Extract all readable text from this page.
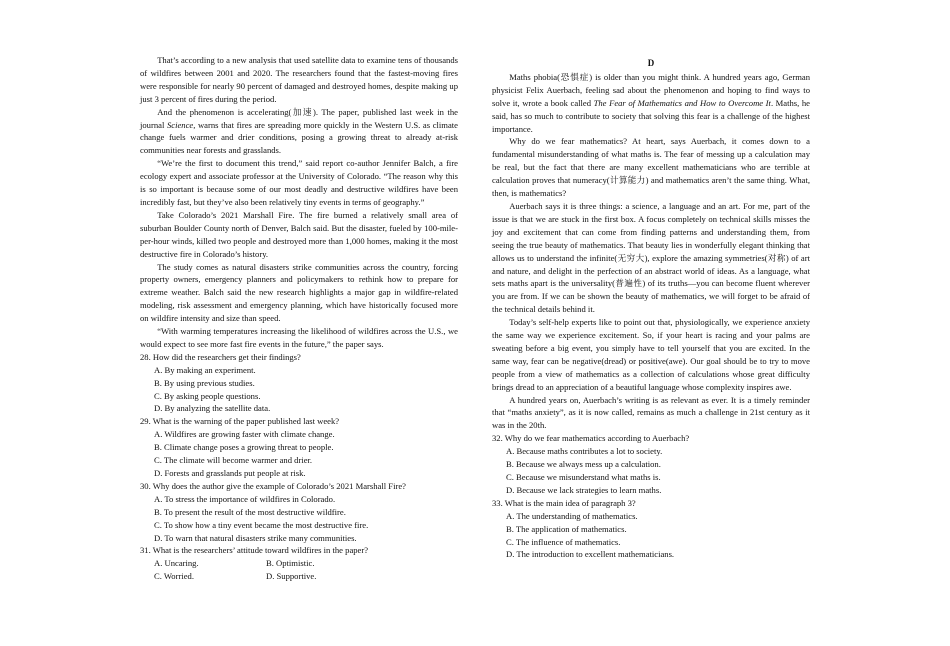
That’s according to a new analysis that used satellite data to examine tens of thousands of wildfires between 2001 and 2020. The researchers found that the fastest-moving fires were responsible for nearly 90 percent of damaged and destroyed homes, despite making up just 3 percent of fires during the period.

And the phenomenon is accelerating(加速). The paper, published last week in the journal Science, warns that fires are spreading more quickly in the Western U.S. as climate change fuels warmer and drier conditions, posing a growing threat to already at-risk communities near forests and grasslands.

“We’re the first to document this trend,” said report co-author Jennifer Balch, a fire ecology expert and associate professor at the University of Colorado. “The reason why this is so important is because some of our most deadly and destructive wildfires have been incredibly fast, but they’ve also been relatively tiny events in terms of geography.”

Take Colorado’s 2021 Marshall Fire. The fire burned a relatively small area of suburban Boulder County north of Denver, Balch said. But the disaster, fueled by 100-mile-per-hour winds, killed two people and destroyed more than 1,000 homes, making it the most destructive fire in Colorado’s history.

The study comes as natural disasters strike communities across the country, forcing property owners, emergency planners and policymakers to rethink how to prepare for extreme weather. Balch said the new research highlights a major gap in wildfire-related modeling, risk assessment and emergency planning, which have historically focused more on wildfire intensity and size than speed.

“With warming temperatures increasing the likelihood of wildfires across the U.S., we would expect to see more fast fire events in the future,” the paper says.

28. How did the researchers get their findings?
A. By making an experiment.
B. By using previous studies.
C. By asking people questions.
D. By analyzing the satellite data.
29. What is the warning of the paper published last week?
A. Wildfires are growing faster with climate change.
B. Climate change poses a growing threat to people.
C. The climate will become warmer and drier.
D. Forests and grasslands put people at risk.
30. Why does the author give the example of Colorado’s 2021 Marshall Fire?
A. To stress the importance of wildfires in Colorado.
B. To present the result of the most destructive wildfire.
C. To show how a tiny event became the most destructive fire.
D. To warn that natural disasters strike many communities.
31. What is the researchers’ attitude toward wildfires in the paper?
A. Uncaring.	B. Optimistic.
C. Worried.	D. Supportive.
D

Maths phobia(恐惧症) is older than you might think. A hundred years ago, German physicist Felix Auerbach, feeling sad about the phenomenon and hoping to find ways to solve it, wrote a book called The Fear of Mathematics and How to Overcome It. Maths, he said, has so much to contribute to society that solving this fear is a challenge of the highest importance.

Why do we fear mathematics? At heart, says Auerbach, it comes down to a fundamental misunderstanding of what maths is. The fear of messing up a calculation may be real, but the fact that there are many excellent mathematicians who are terrible at calculation proves that numeracy(计算能力) and mathematics aren’t the same thing. What, then, is mathematics?

Auerbach says it is three things: a science, a language and an art. For me, part of the issue is that we are stuck in the first box. A focus completely on technical skills misses the joy and excitement that can come from finding patterns and understanding them, from seeing the true beauty of mathematics. That beauty lies in wonderfully elegant thinking that allows us to understand the infinite(无穷大), explore the amazing symmetries(对称) of art and nature, and delight in the perfection of an abstract world of ideas. As a language, what sets maths apart is the universality(普遍性) of its truths—you can become fluent wherever you are from. If we can be shown the beauty of mathematics, we will forget to be afraid of the technical details behind it.

Today’s self-help experts like to point out that, physiologically, we experience anxiety the same way we experience excitement. So, if your heart is racing and your palms are sweating before a big event, you simply have to tell yourself that you are excited. In the same way, fear can be negative(dread) or positive(awe). Our goal should be to try to move people from a view of mathematics as a collection of calculations whose great difficulty brings dread to an appreciation of a beautiful language whose complexity inspires awe.

A hundred years on, Auerbach’s writing is as relevant as ever. It is a timely reminder that “maths anxiety”, as it is now called, remains as much a challenge in 21st century as it was in the 20th.

32. Why do we fear mathematics according to Auerbach?
A. Because maths contributes a lot to society.
B. Because we always mess up a calculation.
C. Because we misunderstand what maths is.
D. Because we lack strategies to learn maths.
33. What is the main idea of paragraph 3?
A. The understanding of mathematics.
B. The application of mathematics.
C. The influence of mathematics.
D. The introduction to excellent mathematicians.
